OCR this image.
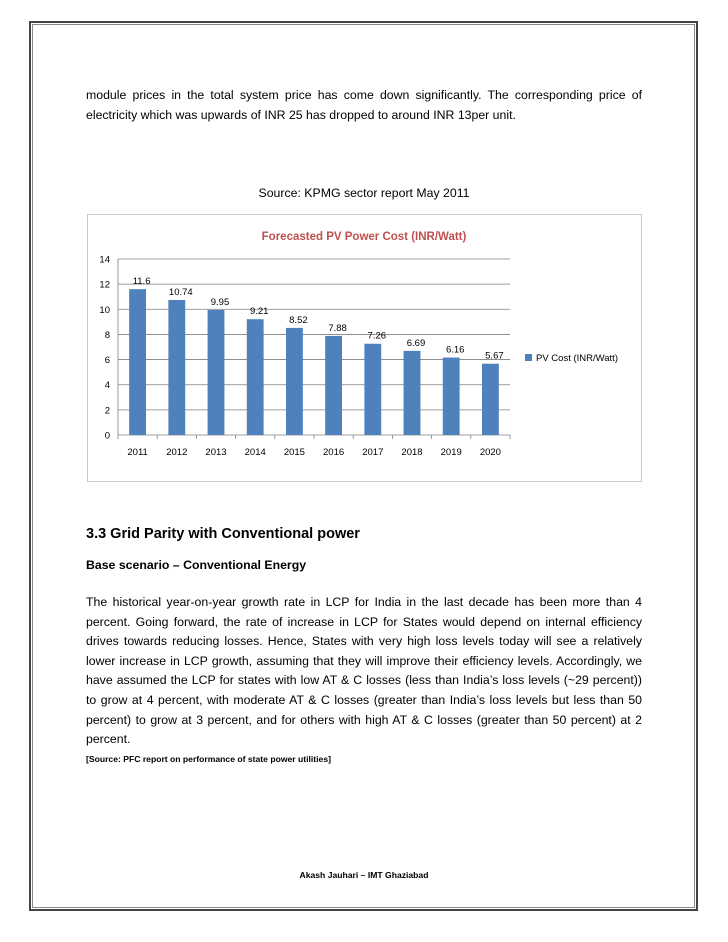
module prices in the total system price has come down significantly. The corresponding price of electricity which was upwards of INR 25 has dropped to around INR 13per unit.

Source: KPMG sector report May 2011

Forecasted PV Power Cost (INR/Watt)
0
2
4
6
8
10
12
14
11.6
2011
10.74
2012
9.95
2013
9.21
2014
8.52
2015
7.88
2016
7.26
2017
6.69
2018
6.16
2019
5.67
2020
PV Cost (INR/Watt)

3.3 Grid Parity with Conventional power

Base scenario – Conventional Energy

The historical year-on-year growth rate in LCP for India in the last decade has been more than 4 percent. Going forward, the rate of increase in LCP for States would depend on internal efficiency drives towards reducing losses. Hence, States with very high loss levels today will see a relatively lower increase in LCP growth, assuming that they will improve their efficiency levels. Accordingly, we have assumed the LCP for states with low AT & C losses (less than India’s loss levels (~29 percent)) to grow at 4 percent, with moderate AT & C losses (greater than India’s loss levels but less than 50 percent) to grow at 3 percent, and for others with high AT & C losses (greater than 50 percent) at 2 percent.

[Source: PFC report on performance of state power utilities]

Akash Jauhari – IMT Ghaziabad
